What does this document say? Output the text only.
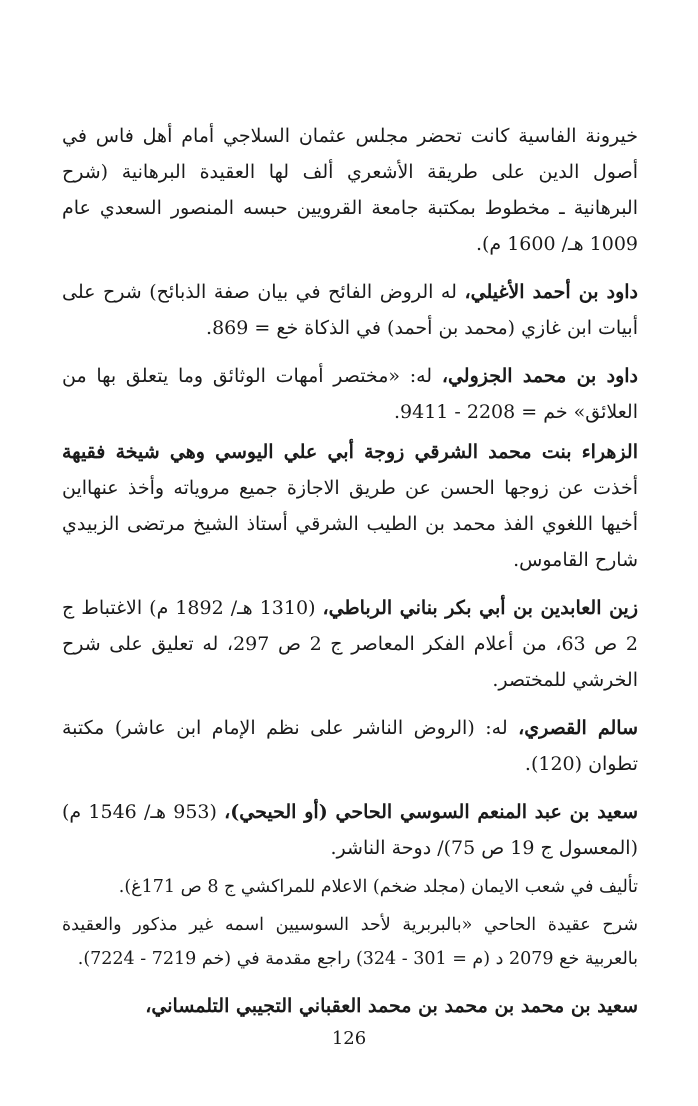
خيرونة الفاسية كانت تحضر مجلس عثمان السلاجي أمام أهل فاس في أصول الدين على طريقة الأشعري ألف لها العقيدة البرهانية (شرح البرهانية ـ مخطوط بمكتبة جامعة القرويين حبسه المنصور السعدي عام 1009 هـ/ 1600 م).

داود بن أحمد الأغيلي، له الروض الفائح في بيان صفة الذبائح) شرح على أبيات ابن غازي (محمد بن أحمد) في الذكاة خع = 869.

داود بن محمد الجزولي، له: «مختصر أمهات الوثائق وما يتعلق بها من العلائق» خم = 2208 - 9411.

الزهراء بنت محمد الشرقي زوجة أبي علي اليوسي وهي شيخة فقيهة أخذت عن زوجها الحسن عن طريق الاجازة جميع مروياته وأخذ عنهااين أخيها اللغوي الفذ محمد بن الطيب الشرقي أستاذ الشيخ مرتضى الزبيدي شارح القاموس.

زين العابدين بن أبي بكر بناني الرباطي، (1310 هـ/ 1892 م) الاغتباط ج 2 ص 63، من أعلام الفكر المعاصر ج 2 ص 297، له تعليق على شرح الخرشي للمختصر.

سالم القصري، له: (الروض الناشر على نظم الإمام ابن عاشر) مكتبة تطوان (120).

سعيد بن عبد المنعم السوسي الحاحي (أو الحيحي)، (953 هـ/ 1546 م) (المعسول ج 19 ص 75)/ دوحة الناشر.

تأليف في شعب الايمان (مجلد ضخم) الاعلام للمراكشي ج 8 ص 171غ).

شرح عقيدة الحاحي «بالبربرية لأحد السوسيين اسمه غير مذكور والعقيدة بالعربية خع 2079 د (م = 301 - 324) راجع مقدمة في (خم 7219 - 7224).

سعيد بن محمد بن محمد بن محمد العقباني التجيبي التلمساني،

126
